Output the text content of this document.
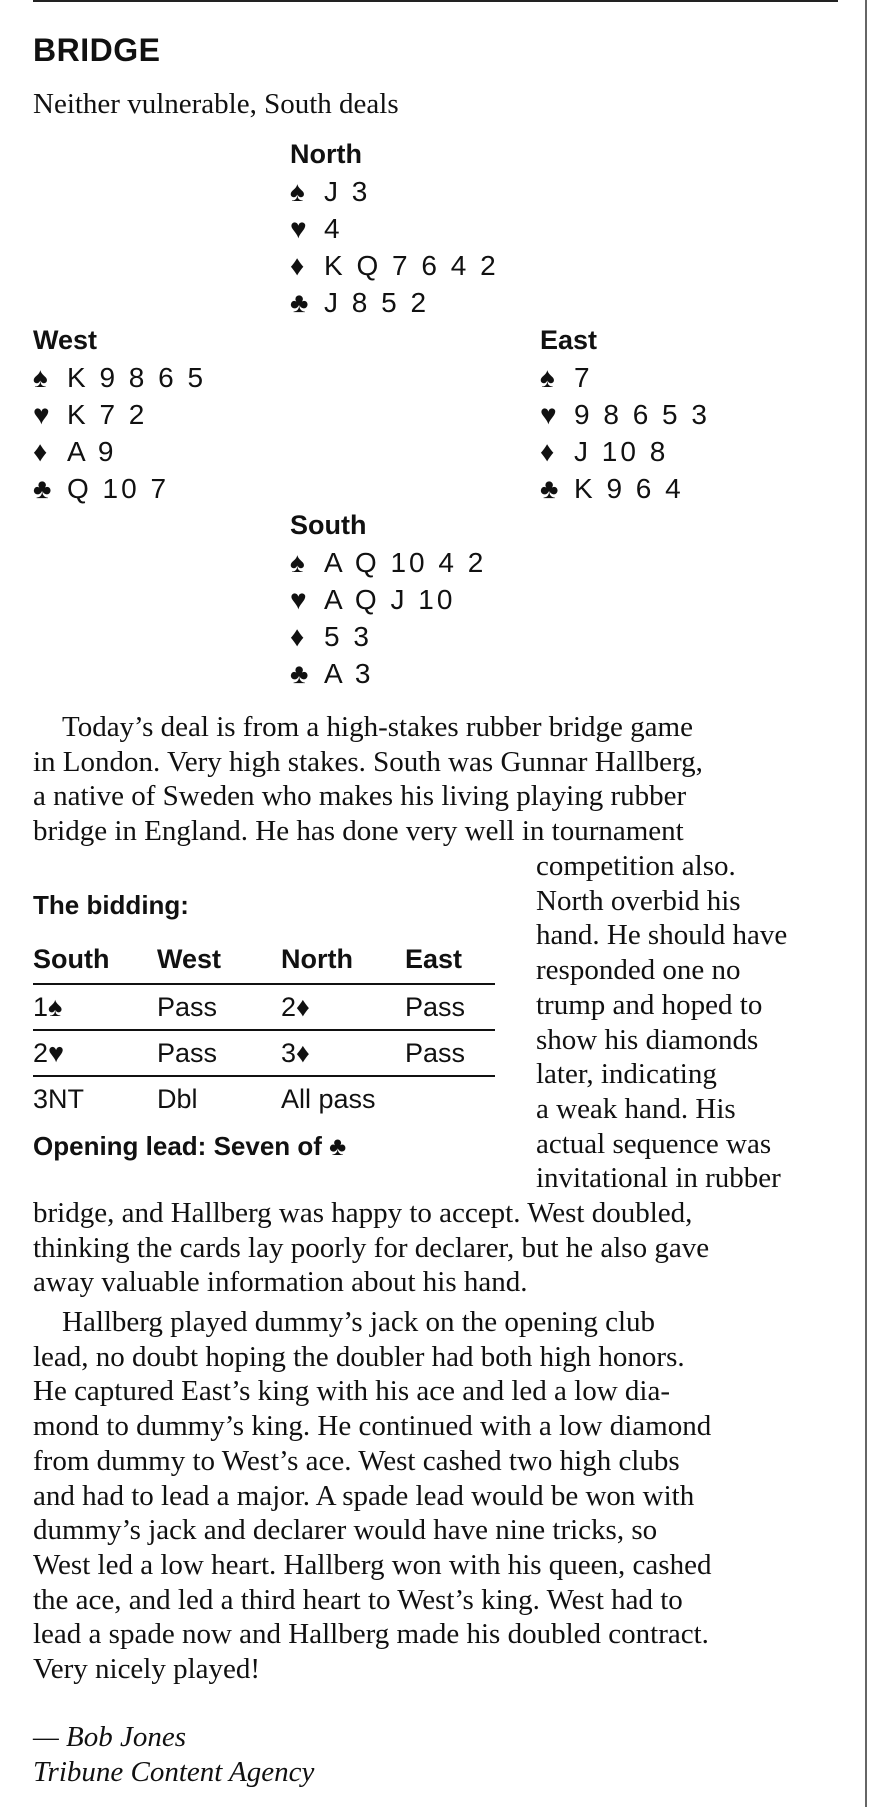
BRIDGE

Neither vulnerable, South deals

North
♠ J 3
♥ 4
♦ K Q 7 6 4 2
♣ J 8 5 2
West
♠ K 9 8 6 5
♥ K 7 2
♦ A 9
♣ Q 10 7
East
♠ 7
♥ 9 8 6 5 3
♦ J 10 8
♣ K 9 6 4
South
♠ A Q 10 4 2
♥ A Q J 10
♦ 5 3
♣ A 3

 Today’s deal is from a high-stakes rubber bridge game
in London. Very high stakes. South was Gunnar Hallberg,
a native of Sweden who makes his living playing rubber
bridge in England. He has done very well in tournament

competition also.
North overbid his
hand. He should have
responded one no
trump and hoped to
show his diamonds
later, indicating
a weak hand. His
actual sequence was
invitational in rubber

The bidding:

South	West	North	East
1♠	Pass	2♦	Pass
2♥	Pass	3♦	Pass
3NT	Dbl	All pass	
Opening lead: Seven of ♣

bridge, and Hallberg was happy to accept. West doubled,
thinking the cards lay poorly for declarer, but he also gave
away valuable information about his hand.

 Hallberg played dummy’s jack on the opening club
lead, no doubt hoping the doubler had both high honors.
He captured East’s king with his ace and led a low dia-
mond to dummy’s king. He continued with a low diamond
from dummy to West’s ace. West cashed two high clubs
and had to lead a major. A spade lead would be won with
dummy’s jack and declarer would have nine tricks, so
West led a low heart. Hallberg won with his queen, cashed
the ace, and led a third heart to West’s king. West had to
lead a spade now and Hallberg made his doubled contract.
Very nicely played!

— Bob Jones
Tribune Content Agency
